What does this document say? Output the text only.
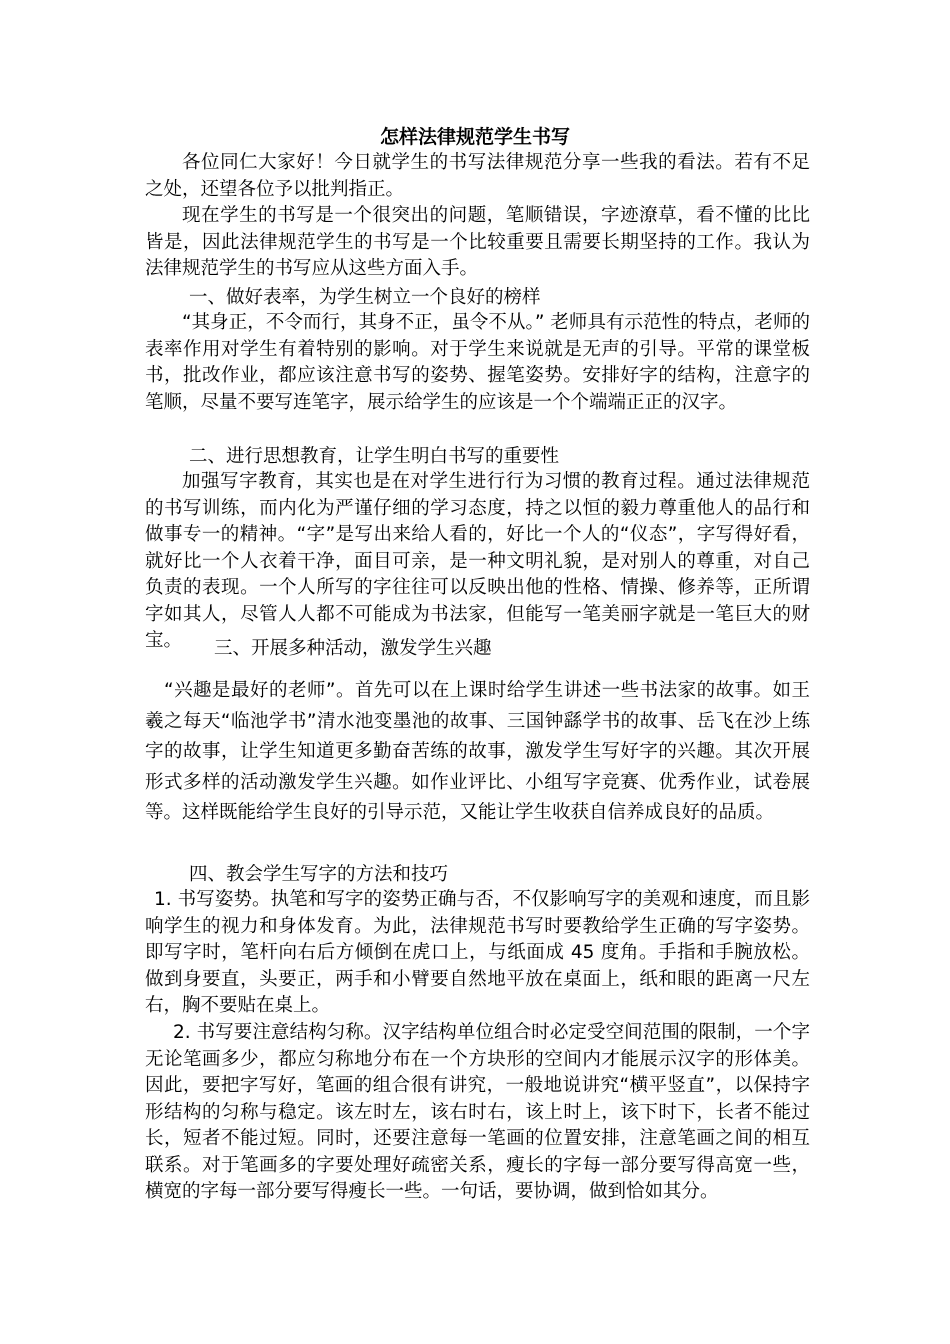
怎样法律规范学生书写

各位同仁大家好！今日就学生的书写法律规范分享一些我的看法。若有不足之处，还望各位予以批判指正。

现在学生的书写是一个很突出的问题，笔顺错误，字迹潦草，看不懂的比比皆是，因此法律规范学生的书写是一个比较重要且需要长期坚持的工作。我认为法律规范学生的书写应从这些方面入手。

一、做好表率，为学生树立一个良好的榜样

“其身正，不令而行，其身不正，虽令不从。” 老师具有示范性的特点，老师的表率作用对学生有着特别的影响。对于学生来说就是无声的引导。平常的课堂板书，批改作业，都应该注意书写的姿势、握笔姿势。安排好字的结构，注意字的笔顺，尽量不要写连笔字，展示给学生的应该是一个个端端正正的汉字。

二、进行思想教育，让学生明白书写的重要性

加强写字教育，其实也是在对学生进行行为习惯的教育过程。通过法律规范的书写训练，而内化为严谨仔细的学习态度，持之以恒的毅力尊重他人的品行和做事专一的精神。“字”是写出来给人看的，好比一个人的“仪态”，字写得好看，就好比一个人衣着干净，面目可亲，是一种文明礼貌，是对别人的尊重，对自己负责的表现。一个人所写的字往往可以反映出他的性格、情操、修养等，正所谓字如其人，尽管人人都不可能成为书法家，但能写一笔美丽字就是一笔巨大的财宝。	三、开展多种活动，激发学生兴趣

“兴趣是最好的老师”。首先可以在上课时给学生讲述一些书法家的故事。如王羲之每天“临池学书”清水池变墨池的故事、三国钟繇学书的故事、岳飞在沙上练字的故事，让学生知道更多勤奋苦练的故事，激发学生写好字的兴趣。其次开展形式多样的活动激发学生兴趣。如作业评比、小组写字竞赛、优秀作业，试卷展等。这样既能给学生良好的引导示范，又能让学生收获自信养成良好的品质。

四、教会学生写字的方法和技巧

1. 书写姿势。执笔和写字的姿势正确与否，不仅影响写字的美观和速度，而且影响学生的视力和身体发育。为此，法律规范书写时要教给学生正确的写字姿势。即写字时，笔杆向右后方倾倒在虎口上，与纸面成 45 度角。手指和手腕放松。 做到身要直，头要正，两手和小臂要自然地平放在桌面上，纸和眼的距离一尺左右，胸不要贴在桌上。

2. 书写要注意结构匀称。汉字结构单位组合时必定受空间范围的限制，一个字无论笔画多少，都应匀称地分布在一个方块形的空间内才能展示汉字的形体美。因此，要把字写好，笔画的组合很有讲究，一般地说讲究“横平竖直”，以保持字形结构的匀称与稳定。该左时左，该右时右，该上时上，该下时下，长者不能过长，短者不能过短。同时，还要注意每一笔画的位置安排，注意笔画之间的相互联系。对于笔画多的字要处理好疏密关系，瘦长的字每一部分要写得高宽一些，横宽的字每一部分要写得瘦长一些。一句话，要协调，做到恰如其分。
